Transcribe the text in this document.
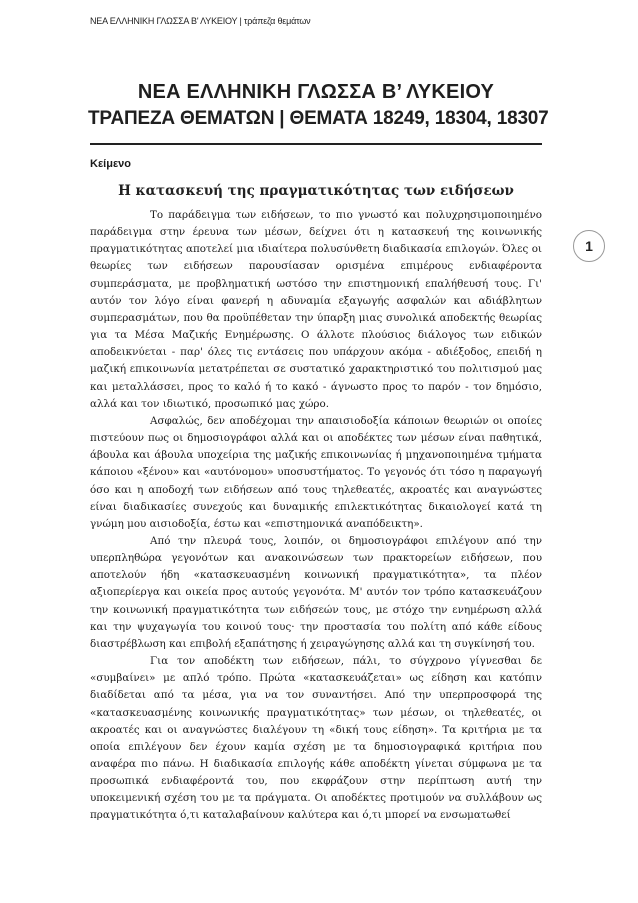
ΝΕΑ ΕΛΛΗΝΙΚΗ ΓΛΩΣΣΑ Β' ΛΥΚΕΙΟΥ | τράπεζα θεμάτων
ΝΕΑ ΕΛΛΗΝΙΚΗ ΓΛΩΣΣΑ Β’ ΛΥΚΕΙΟΥ
ΤΡΑΠΕΖΑ ΘΕΜΑΤΩΝ | ΘΕΜΑΤΑ 18249, 18304, 18307
Κείμενο
Η κατασκευή της πραγματικότητας των ειδήσεων
1

Το παράδειγμα των ειδήσεων, το πιο γνωστό και πολυχρησιμοποιημένο παράδειγμα στην έρευνα των μέσων, δείχνει ότι η κατασκευή της κοινωνικής πραγματικότητας αποτελεί μια ιδιαίτερα πολυσύνθετη διαδικασία επιλογών. Όλες οι θεωρίες των ειδήσεων παρουσίασαν ορισμένα επιμέρους ενδιαφέροντα συμπεράσματα, με προβληματική ωστόσο την επιστημονική επαλήθευσή τους. Γι' αυτόν τον λόγο είναι φανερή η αδυναμία εξαγωγής ασφαλών και αδιάβλητων συμπερασμάτων, που θα προϋπέθεταν την ύπαρξη μιας συνολικά αποδεκτής θεωρίας για τα Μέσα Μαζικής Ενημέρωσης. Ο άλλοτε πλούσιος διάλογος των ειδικών αποδεικνύεται - παρ' όλες τις εντάσεις που υπάρχουν ακόμα - αδιέξοδος, επειδή η μαζική επικοινωνία μετατρέπεται σε συστατικό χαρακτηριστικό του πολιτισμού μας και μεταλλάσσει, προς το καλό ή το κακό - άγνωστο προς το παρόν - τον δημόσιο, αλλά και τον ιδιωτικό, προσωπικό μας χώρο.

Ασφαλώς, δεν αποδέχομαι την απαισιοδοξία κάποιων θεωριών οι οποίες πιστεύουν πως οι δημοσιογράφοι αλλά και οι αποδέκτες των μέσων είναι παθητικά, άβουλα και άβουλα υποχείρια της μαζικής επικοινωνίας ή μηχανοποιημένα τμήματα κάποιου «ξένου» και «αυτόνομου» υποσυστήματος. Το γεγονός ότι τόσο η παραγωγή όσο και η αποδοχή των ειδήσεων από τους τηλεθεατές, ακροατές και αναγνώστες είναι διαδικασίες συνεχούς και δυναμικής επιλεκτικότητας δικαιολογεί κατά τη γνώμη μου αισιοδοξία, έστω και «επιστημονικά αναπόδεικτη».

Από την πλευρά τους, λοιπόν, οι δημοσιογράφοι επιλέγουν από την υπερπληθώρα γεγονότων και ανακοινώσεων των πρακτορείων ειδήσεων, που αποτελούν ήδη «κατασκευασμένη κοινωνική πραγματικότητα», τα πλέον αξιοπερίεργα και οικεία προς αυτούς γεγονότα. Μ' αυτόν τον τρόπο κατασκευάζουν την κοινωνική πραγματικότητα των ειδήσεών τους, με στόχο την ενημέρωση αλλά και την ψυχαγωγία του κοινού τους· την προστασία του πολίτη από κάθε είδους διαστρέβλωση και επιβολή εξαπάτησης ή χειραγώγησης αλλά και τη συγκίνησή του.

Για τον αποδέκτη των ειδήσεων, πάλι, το σύγχρονο γίγνεσθαι δε «συμβαίνει» με απλό τρόπο. Πρώτα «κατασκευάζεται» ως είδηση και κατόπιν διαδίδεται από τα μέσα, για να τον συναντήσει. Από την υπερπροσφορά της «κατασκευασμένης κοινωνικής πραγματικότητας» των μέσων, οι τηλεθεατές, οι ακροατές και οι αναγνώστες διαλέγουν τη «δική τους είδηση». Τα κριτήρια με τα οποία επιλέγουν δεν έχουν καμία σχέση με τα δημοσιογραφικά κριτήρια που αναφέρα πιο πάνω. Η διαδικασία επιλογής κάθε αποδέκτη γίνεται σύμφωνα με τα προσωπικά ενδιαφέροντά του, που εκφράζουν στην περίπτωση αυτή την υποκειμενική σχέση του με τα πράγματα. Οι αποδέκτες προτιμούν να συλλάβουν ως πραγματικότητα ό,τι καταλαβαίνουν καλύτερα και ό,τι μπορεί να ενσωματωθεί
